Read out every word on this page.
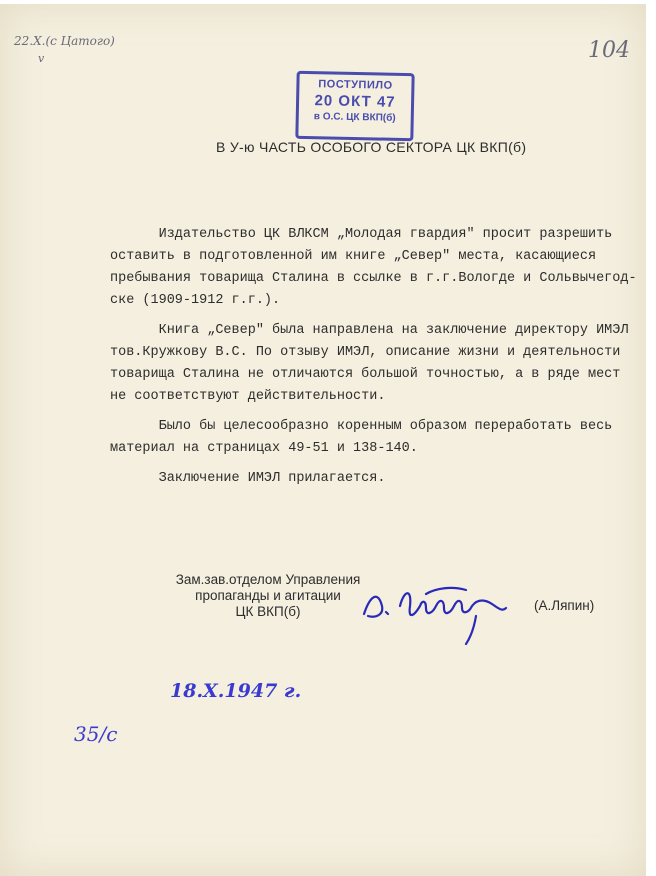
22.X.(с Цатого)
v	104
ПОСТУПИЛО
20 ОКТ 47
в О.С. ЦК ВКП(б)
В У-ю ЧАСТЬ ОСОБОГО СЕКТОРА ЦК ВКП(б)

Издательство ЦК ВЛКСМ „Молодая гвардия" просит разрешить
оставить в подготовленной им книге „Север" места, касающиеся
пребывания товарища Сталина в ссылке в г.г.Вологде и Сольвычегод-
ске (1909-1912 г.г.).

Книга „Север" была направлена на заключение директору ИМЭЛ
тов.Кружкову В.С. По отзыву ИМЭЛ, описание жизни и деятельности
товарища Сталина не отличаются большой точностью, а в ряде мест
не соответствуют действительности.

Было бы целесообразно коренным образом переработать весь
материал на страницах 49-51 и 138-140.

Заключение ИМЭЛ прилагается.

Зам.зав.отделом Управления
пропаганды и агитации
ЦК ВКП(б)	(А.Ляпин)
18.X.1947 г.
35/с
